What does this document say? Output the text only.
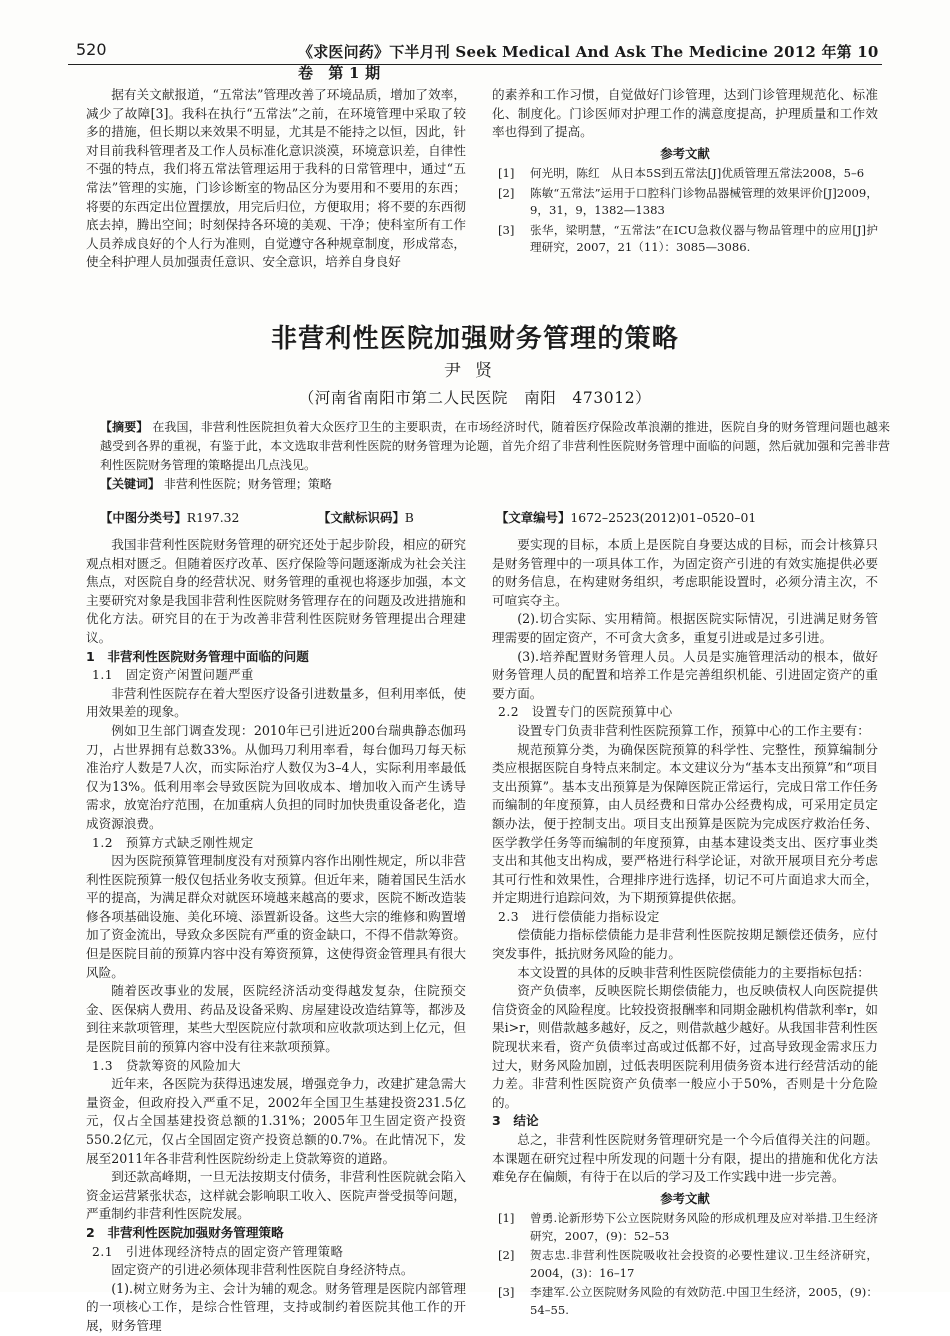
520	《求医问药》下半月刊 Seek Medical And Ask The Medicine 2012 年第 10 卷　第 1 期

据有关文献报道，“五常法”管理改善了环境品质，增加了效率，减少了故障[3]。我科在执行“五常法”之前，在环境管理中采取了较多的措施，但长期以来效果不明显，尤其是不能持之以恒，因此，针对目前我科管理者及工作人员标准化意识淡漠，环境意识差，自律性不强的特点，我们将五常法管理运用于我科的日常管理中，通过“五常法”管理的实施，门诊诊断室的物品区分为要用和不要用的东西；将要的东西定出位置摆放，用完后归位，方便取用；将不要的东西彻底去掉，腾出空间；时刻保持各环境的美观、干净；使科室所有工作人员养成良好的个人行为准则，自觉遵守各种规章制度，形成常态，使全科护理人员加强责任意识、安全意识，培养自身良好

的素养和工作习惯，自觉做好门诊管理，达到门诊管理规范化、标准化、制度化。门诊医师对护理工作的满意度提高，护理质量和工作效率也得到了提高。

参考文献
[1] 何光明，陈红　从日本5S到五常法[J]优质管理五常法2008，5–6
[2] 陈敏“五常法”运用于口腔科门诊物品器械管理的效果评价[J]2009，9，31，9，1382—1383
[3] 张华，梁明慧，“五常法”在ICU急救仪器与物品管理中的应用[J]护理研究，2007，21（11）：3085—3086.
非营利性医院加强财务管理的策略
尹贤
（河南省南阳市第二人民医院　南阳　473012）

【摘要】 在我国，非营利性医院担负着大众医疗卫生的主要职责，在市场经济时代，随着医疗保险改革浪潮的推进，医院自身的财务管理问题也越来越受到各界的重视，有鉴于此，本文选取非营利性医院的财务管理为论题，首先介绍了非营利性医院财务管理中面临的问题，然后就加强和完善非营利性医院财务管理的策略提出几点浅见。

【关键词】 非营利性医院；财务管理；策略

【中图分类号】R197.32	【文献标识码】B	【文章编号】1672–2523(2012)01–0520–01

我国非营利性医院财务管理的研究还处于起步阶段，相应的研究观点相对匮乏。但随着医疗改革、医疗保险等问题逐渐成为社会关注焦点，对医院自身的经营状况、财务管理的重视也将逐步加强，本文主要研究对象是我国非营利性医院财务管理存在的问题及改进措施和优化方法。研究目的在于为改善非营利性医院财务管理提出合理建议。

1　非营利性医院财务管理中面临的问题
1.1　固定资产闲置问题严重

非营利性医院存在着大型医疗设备引进数量多，但利用率低，使用效果差的现象。

例如卫生部门调查发现：2010年已引进近200台瑞典静态伽玛刀，占世界拥有总数33%。从伽玛刀利用率看，每台伽玛刀每天标准治疗人数是7人次，而实际治疗人数仅为3–4人，实际利用率最低仅为13%。低利用率会导致医院为回收成本、增加收入而产生诱导需求，放宽治疗范围，在加重病人负担的同时加快贵重设备老化，造成资源浪费。

1.2　预算方式缺乏刚性规定

因为医院预算管理制度没有对预算内容作出刚性规定，所以非营利性医院预算一般仅包括业务收支预算。但近年来，随着国民生活水平的提高，为满足群众对就医环境越来越高的要求，医院不断改造装修各项基础设施、美化环境、添置新设备。这些大宗的维修和购置增加了资金流出，导致众多医院有严重的资金缺口，不得不借款筹资。但是医院目前的预算内容中没有筹资预算，这使得资金管理具有很大风险。

随着医改事业的发展，医院经济活动变得越发复杂，住院预交金、医保病人费用、药品及设备采购、房屋建设改造结算等，都涉及到往来款项管理，某些大型医院应付款项和应收款项达到上亿元，但是医院目前的预算内容中没有往来款项预算。

1.3　贷款筹资的风险加大

近年来，各医院为获得迅速发展，增强竞争力，改建扩建急需大量资金，但政府投入严重不足，2002年全国卫生基建投资231.5亿元，仅占全国基建投资总额的1.31%；2005年卫生固定资产投资550.2亿元，仅占全国固定资产投资总额的0.7%。在此情况下，发展至2011年各非营利性医院纷纷走上贷款筹资的道路。

到还款高峰期，一旦无法按期支付债务，非营利性医院就会陷入资金运营紧张状态，这样就会影响职工收入、医院声誉受损等问题，严重制约非营利性医院发展。

2　非营利性医院加强财务管理策略
2.1　引进体现经济特点的固定资产管理策略

固定资产的引进必须体现非营利性医院自身经济特点。

(1).树立财务为主、会计为辅的观念。财务管理是医院内部管理的一项核心工作，是综合性管理，支持或制约着医院其他工作的开展，财务管理

要实现的目标，本质上是医院自身要达成的目标，而会计核算只是财务管理中的一项具体工作，为固定资产引进的有效实施提供必要的财务信息，在构建财务组织，考虑职能设置时，必须分清主次，不可喧宾夺主。

(2).切合实际、实用精简。根据医院实际情况，引进满足财务管理需要的固定资产，不可贪大贪多，重复引进或是过多引进。

(3).培养配置财务管理人员。人员是实施管理活动的根本，做好财务管理人员的配置和培养工作是完善组织机能、引进固定资产的重要方面。

2.2　设置专门的医院预算中心

设置专门负责非营利性医院预算工作，预算中心的工作主要有：

规范预算分类，为确保医院预算的科学性、完整性，预算编制分类应根据医院自身特点来制定。本文建议分为“基本支出预算”和“项目支出预算”。基本支出预算是为保障医院正常运行，完成日常工作任务而编制的年度预算，由人员经费和日常办公经费构成，可采用定员定额办法，便于控制支出。项目支出预算是医院为完成医疗救治任务、医学教学任务等而编制的年度预算，由基本建设类支出、医疗事业类支出和其他支出构成，要严格进行科学论证，对欲开展项目充分考虑其可行性和效果性，合理排序进行选择，切记不可片面追求大而全，并定期进行追踪问效，为下期预算提供依据。

2.3　进行偿债能力指标设定

偿债能力指标偿债能力是非营利性医院按期足额偿还债务，应付突发事件，抵抗财务风险的能力。

本文设置的具体的反映非营利性医院偿债能力的主要指标包括：

资产负债率，反映医院长期偿债能力，也反映债权人向医院提供信贷资金的风险程度。比较投资报酬率和同期金融机构借款利率r，如果i>r，则借款越多越好，反之，则借款越少越好。从我国非营利性医院现状来看，资产负债率过高或过低都不好，过高导致现金需求压力过大，财务风险加剧，过低表明医院利用债务资本进行经营活动的能力差。非营利性医院资产负债率一般应小于50%，否则是十分危险的。

3　结论

总之，非营利性医院财务管理研究是一个今后值得关注的问题。本课题在研究过程中所发现的问题十分有限，提出的措施和优化方法难免存在偏颇，有待于在以后的学习及工作实践中进一步完善。

参考文献
[1] 曾勇.论新形势下公立医院财务风险的形成机理及应对举措.卫生经济研究，2007，(9)：52–53
[2] 贺志忠.非营利性医院吸收社会投资的必要性建议.卫生经济研究，2004，(3)：16–17
[3] 李建军.公立医院财务风险的有效防范.中国卫生经济，2005，(9)：54–55.
